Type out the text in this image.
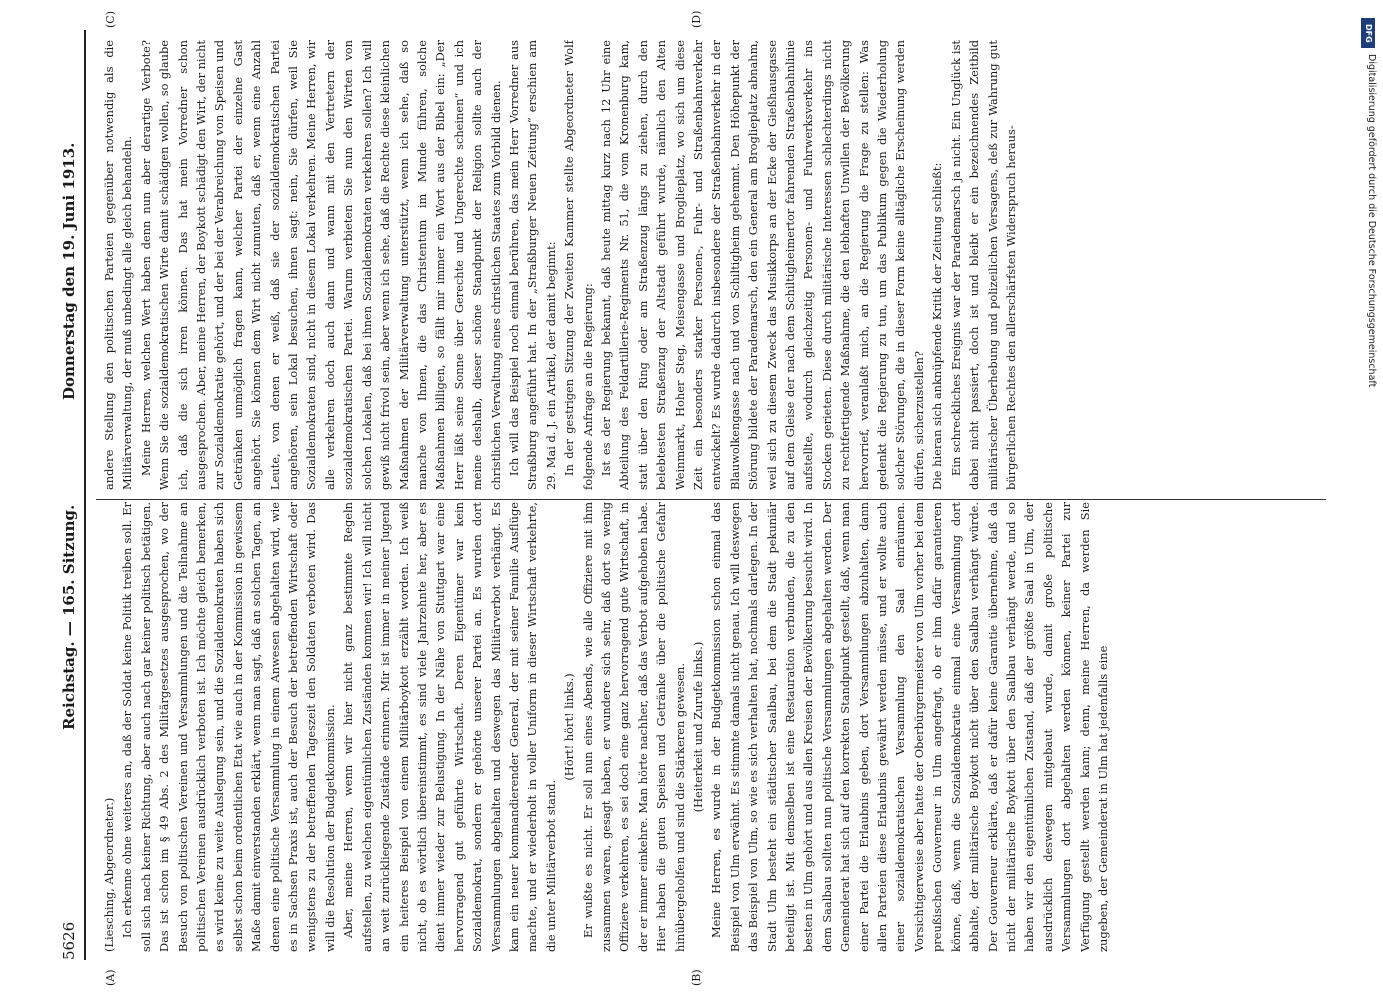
5626
Reichstag. — 165. Sitzung.
Donnerstag den 19. Juni 1913.
(A)	(B)
(C)	(D)

(Liesching, Abgeordneter.) Ich erkenne ohne weiteres an, daß der Soldat keine Politik treiben soll. Er soll sich nach keiner Richtung, aber auch nach gar keiner politisch betätigen. Das ist schon im § 49 Abs. 2 des Militärgesetzes ausgesprochen, wo der Besuch von politischen Vereinen und Versammlungen und die Teilnahme an politischen Vereinen ausdrücklich verboten ist. Ich möchte gleich bemerken, es wird keine zu weite Auslegung sein, und die Sozialdemokraten haben sich selbst schon beim ordentlichen Etat wie auch in der Kommission in gewissem Maße damit einverstanden erklärt, wenn man sagt, daß an solchen Tagen, an denen eine politische Versammlung in einem Anwesen abgehalten wird, wie es in Sachsen Praxis ist, auch der Besuch der betreffenden Wirtschaft oder wenigstens zu der betreffenden Tageszeit den Soldaten verboten wird. Das will die Resolution der Budgetkommission. Aber, meine Herren, wenn wir hier nicht ganz bestimmte Regeln aufstellen, zu welchen eigentümlichen Zuständen kommen wir! Ich will nicht an weit zurückliegende Zustände erinnern. Mir ist immer in meiner Jugend ein heiteres Beispiel von einem Militärboykott erzählt worden. Ich weiß nicht, ob es wörtlich übereinstimmt, es sind viele Jahrzehnte her, aber es dient immer wieder zur Belustigung. In der Nähe von Stuttgart war eine hervorragend gut geführte Wirtschaft. Deren Eigentümer war kein Sozialdemokrat, sondern er gehörte unserer Partei an. Es wurden dort Versammlungen abgehalten und deswegen das Militärverbot verhängt. Es kam ein neuer kommandierender General, der mit seiner Familie Ausflüge machte, und er wiederholt in voller Uniform in dieser Wirtschaft verkehrte, die unter Militärverbot stand.

(Hört! hört! links.) Er wußte es nicht. Er soll nun eines Abends, wie alle Offiziere mit ihm zusammen waren, gesagt haben, er wundere sich sehr, daß dort so wenig Offiziere verkehren, es sei doch eine ganz hervorragend gute Wirtschaft, in der er immer einkehre. Man hörte nachher, daß das Verbot aufgehoben habe. Hier haben die guten Speisen und Getränke über die politische Gefahr hinübergeholfen und sind die Stärkeren gewesen. (Heiterkeit und Zurufe links.) Meine Herren, es wurde in der Budgetkommission schon einmal das Beispiel von Ulm erwähnt. Es stimmte damals nicht genau. Ich will deswegen das Beispiel von Ulm, so wie es sich verhalten hat, nochmals darlegen. In der Stadt Ulm besteht ein städtischer Saalbau, bei dem die Stadt pekuniär beteiligt ist. Mit demselben ist eine Restauration verbunden, die zu den besten in Ulm gehört und aus allen Kreisen der Bevölkerung besucht wird. In dem Saalbau sollten nun politische Versammlungen abgehalten werden. Der Gemeinderat hat sich auf den korrekten Standpunkt gestellt, daß, wenn man einer Partei die Erlaubnis geben, dort Versammlungen abzuhalten, dann allen Parteien diese Erlaubnis gewährt werden müsse, und er wollte auch einer sozialdemokratischen Versammlung den Saal einräumen. Vorsichtigerweise aber hatte der Oberbürgermeister von Ulm vorher bei dem preußischen Gouverneur in Ulm angefragt, ob er ihm dafür garantieren könne, daß, wenn die Sozialdemokratie einmal eine Versammlung dort abhalte, der militärische Boykott nicht über den Saalbau verhängt würde. Der Gouverneur erklärte, daß er dafür keine Garantie übernehme, daß da nicht der militärische Boykott über den Saalbau verhängt werde, und so haben wir den eigentümlichen Zustand, daß der größte Saal in Ulm, der ausdrücklich deswegen mitgebaut wurde, damit große politische Versammlungen dort abgehalten werden können, keiner Partei zur Verfügung gestellt werden kann; denn, meine Herren, da werden Sie zugeben, der Gemeinderat in Ulm hat jedenfalls eine

andere Stellung den politischen Parteien gegenüber notwendig als die Militärverwaltung, der muß unbedingt alle gleich behandeln. Meine Herren, welchen Wert haben denn nun aber derartige Verbote? Wenn Sie die sozialdemokratischen Wirte damit schädigen wollen, so glaube ich, daß die sich irren können. Das hat mein Vorredner schon ausgesprochen. Aber, meine Herren, der Boykott schädigt den Wirt, der nicht zur Sozialdemokratie gehört, und der bei der Verabreichung von Speisen und Getränken unmöglich fragen kann, welcher Partei der einzelne Gast angehört. Sie können dem Wirt nicht zumuten, daß er, wenn eine Anzahl Leute, von denen er weiß, daß sie der sozialdemokratischen Partei angehören, sein Lokal besuchen, ihnen sagt: nein, Sie dürfen, weil Sie Sozialdemokraten sind, nicht in diesem Lokal verkehren. Meine Herren, wir alle verkehren doch auch dann und wann mit den Vertretern der sozialdemokratischen Partei. Warum verbieten Sie nun den Wirten von solchen Lokalen, daß bei ihnen Sozialdemokraten verkehren sollen? Ich will gewiß nicht frivol sein, aber wenn ich sehe, daß die Rechte diese kleinlichen Maßnahmen der Militärverwaltung unterstützt, wenn ich sehe, daß so manche von Ihnen, die das Christentum im Munde führen, solche Maßnahmen billigen, so fällt mir immer ein Wort aus der Bibel ein: „Der Herr läßt seine Sonne über Gerechte und Ungerechte scheinen“ und ich meine deshalb, dieser schöne Standpunkt der Religion sollte auch der christlichen Verwaltung eines christlichen Staates zum Vorbild dienen. Ich will das Beispiel noch einmal berühren, das mein Herr Vorredner aus Straßburg angeführt hat. In der „Straßburger Neuen Zeitung“ erschien am 29. Mai d. J. ein Artikel, der damit beginnt: In der gestrigen Sitzung der Zweiten Kammer stellte Abgeordneter Wolf folgende Anfrage an die Regierung: Ist es der Regierung bekannt, daß heute mittag kurz nach 12 Uhr eine Abteilung des Feldartillerie-Regiments Nr. 51, die vom Kronenburg kam, statt über den Ring oder am Straßenzug längs zu ziehen, durch den belebtesten Straßenzug der Altstadt geführt wurde, nämlich den Alten Weinmarkt, Hoher Steg, Meisengasse und Broglieplatz, wo sich um diese Zeit ein besonders starker Personen-, Fuhr- und Straßenbahnverkehr entwickelt? Es wurde dadurch insbesondere der Straßenbahnverkehr in der Blauwolkengasse nach und von Schiltigheim gehemmt. Den Höhepunkt der Störung bildete der Parademarsch, den ein General am Broglieplatz abnahm, weil sich zu diesem Zweck das Musikkorps an der Ecke der Gießhausgasse auf dem Gleise der nach dem Schiltigheimertor fahrenden Straßenbahnlinie aufstellte, wodurch gleichzeitig Personen- und Fuhrwerksverkehr ins Stocken gerieten. Diese durch militärische Interessen schlechterdings nicht zu rechtfertigende Maßnahme, die den lebhaften Unwillen der Bevölkerung hervorrief, veranlaßt mich, an die Regierung die Frage zu stellen: Was gedenkt die Regierung zu tun, um das Publikum gegen die Wiederholung solcher Störungen, die in dieser Form keine alltägliche Erscheinung werden dürfen, sicherzustellen? Die hieran sich anknüpfende Kritik der Zeitung schließt: Ein schreckliches Ereignis war der Parademarsch ja nicht. Ein Unglück ist dabei nicht passiert, doch ist und bleibt er ein bezeichnendes Zeitbild militärischer Überhebung und polizeilichen Versagens, deß zur Wahrung gut bürgerlichen Rechtes den allerschärfsten Widerspruch heraus-

DFG
Digitalisierung gefördert durch die Deutsche Forschungsgemeinschaft
